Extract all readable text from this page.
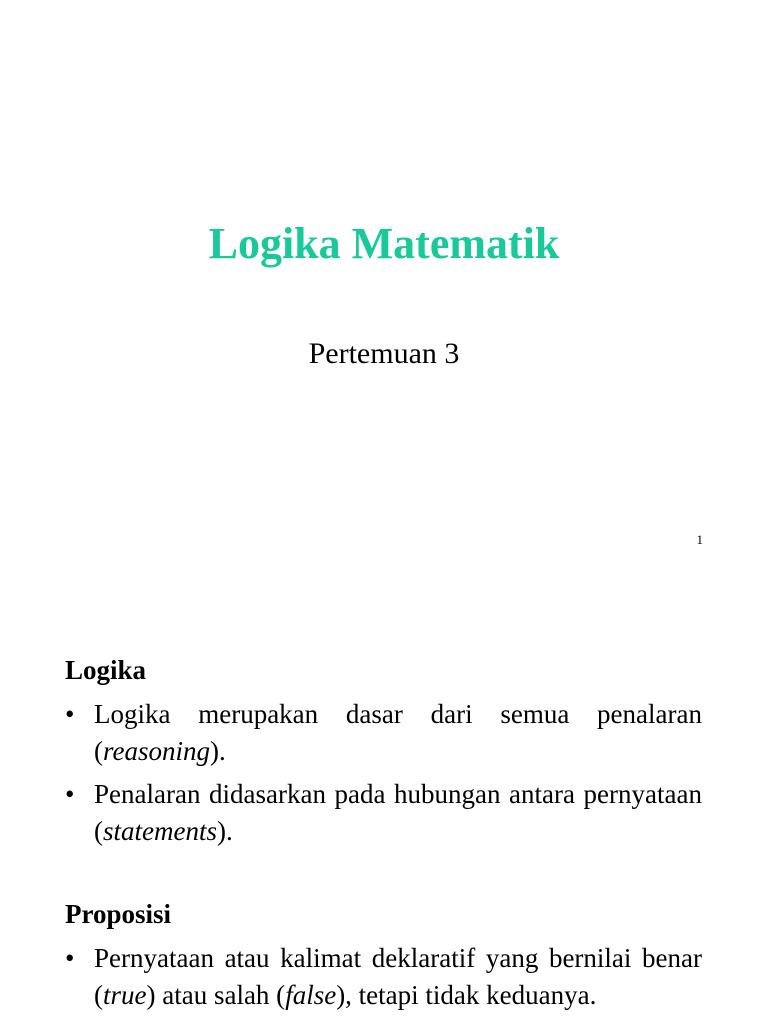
Logika Matematik
Pertemuan 3
1
Logika
• Logika merupakan dasar dari semua penalaran (reasoning).
• Penalaran didasarkan pada hubungan antara pernyataan (statements).
Proposisi
• Pernyataan atau kalimat deklaratif yang bernilai benar (true) atau salah (false), tetapi tidak keduanya.
